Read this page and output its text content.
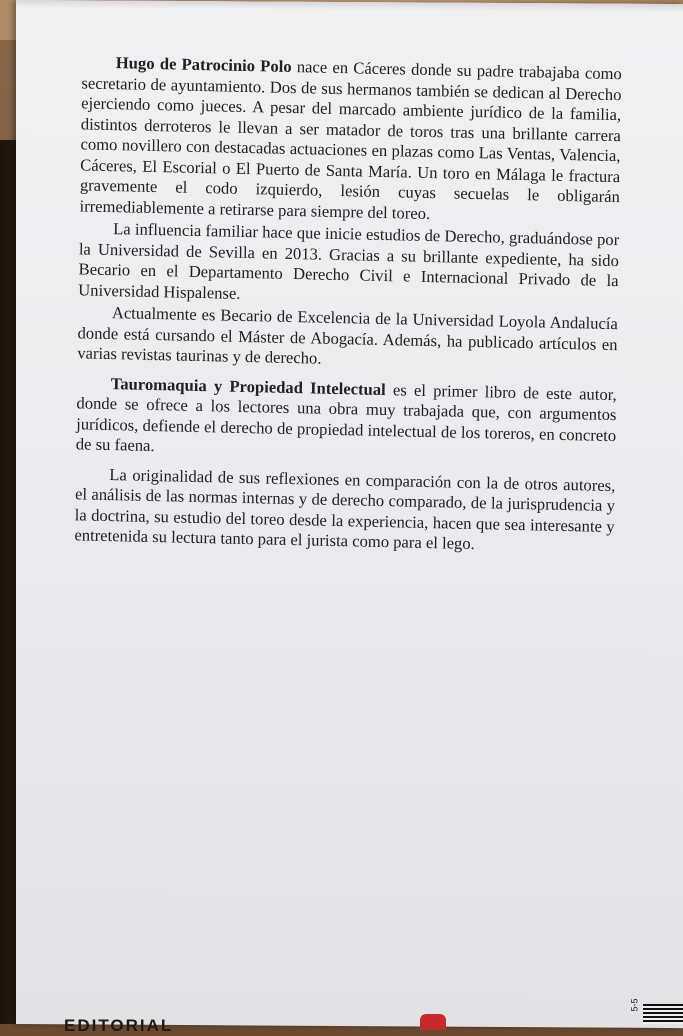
Hugo de Patrocinio Polo nace en Cáceres donde su padre trabajaba como secretario de ayuntamiento. Dos de sus hermanos también se dedican al Derecho ejerciendo como jueces. A pesar del marcado ambiente jurídico de la familia, distintos derroteros le llevan a ser matador de toros tras una brillante carrera como novillero con destacadas actuaciones en plazas como Las Ventas, Valencia, Cáceres, El Escorial o El Puerto de Santa María. Un toro en Málaga le fractura gravemente el codo izquierdo, lesión cuyas secuelas le obligarán irremediablemente a retirarse para siempre del toreo.

La influencia familiar hace que inicie estudios de Derecho, graduándose por la Universidad de Sevilla en 2013. Gracias a su brillante expediente, ha sido Becario en el Departamento Derecho Civil e Internacional Privado de la Universidad Hispalense.

Actualmente es Becario de Excelencia de la Universidad Loyola Andalucía donde está cursando el Máster de Abogacía. Además, ha publicado artículos en varias revistas taurinas y de derecho.

Tauromaquia y Propiedad Intelectual es el primer libro de este autor, donde se ofrece a los lectores una obra muy trabajada que, con argumentos jurídicos, defiende el derecho de propiedad intelectual de los toreros, en concreto de su faena.

La originalidad de sus reflexiones en comparación con la de otros autores, el análisis de las normas internas y de derecho comparado, de la jurisprudencia y la doctrina, su estudio del toreo desde la experiencia, hacen que sea interesante y entretenida su lectura tanto para el jurista como para el lego.

EDITORIAL
5-5
